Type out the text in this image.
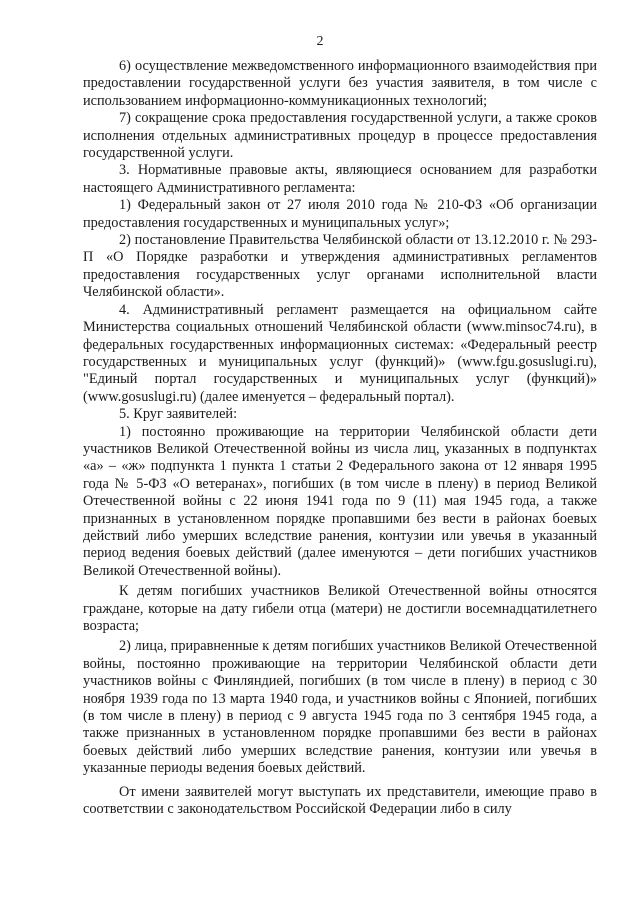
2

6) осуществление межведомственного информационного взаимодействия при предоставлении государственной услуги без участия заявителя, в том числе с использованием информационно-коммуникационных технологий;

7) сокращение срока предоставления государственной услуги, а также сроков исполнения отдельных административных процедур в процессе предоставления государственной услуги.

3. Нормативные правовые акты, являющиеся основанием для разработки настоящего Административного регламента:

1) Федеральный закон от 27 июля 2010 года № 210-ФЗ «Об организации предоставления государственных и муниципальных услуг»;

2) постановление Правительства Челябинской области от 13.12.2010 г. № 293-П «О Порядке разработки и утверждения административных регламентов предоставления государственных услуг органами исполнительной власти Челябинской области».

4. Административный регламент размещается на официальном сайте Министерства социальных отношений Челябинской области (www.minsoc74.ru), в федеральных государственных информационных системах: «Федеральный реестр государственных и муниципальных услуг (функций)» (www.fgu.gosuslugi.ru), "Единый портал государственных и муниципальных услуг (функций)» (www.gosuslugi.ru) (далее именуется – федеральный портал).

5. Круг заявителей:

1) постоянно проживающие на территории Челябинской области дети участников Великой Отечественной войны из числа лиц, указанных в подпунктах «а» – «ж» подпункта 1 пункта 1 статьи 2 Федерального закона от 12 января 1995 года № 5-ФЗ «О ветеранах», погибших (в том числе в плену) в период Великой Отечественной войны с 22 июня 1941 года по 9 (11) мая 1945 года, а также признанных в установленном порядке пропавшими без вести в районах боевых действий либо умерших вследствие ранения, контузии или увечья в указанный период ведения боевых действий (далее именуются – дети погибших участников Великой Отечественной войны).

К детям погибших участников Великой Отечественной войны относятся граждане, которые на дату гибели отца (матери) не достигли восемнадцатилетнего возраста;

2) лица, приравненные к детям погибших участников Великой Отечественной войны, постоянно проживающие на территории Челябинской области дети участников войны с Финляндией, погибших (в том числе в плену) в период с 30 ноября 1939 года по 13 марта 1940 года, и участников войны с Японией, погибших (в том числе в плену) в период с 9 августа 1945 года по 3 сентября 1945 года, а также признанных в установленном порядке пропавшими без вести в районах боевых действий либо умерших вследствие ранения, контузии или увечья в указанные периоды ведения боевых действий.

От имени заявителей могут выступать их представители, имеющие право в соответствии с законодательством Российской Федерации либо в силу
